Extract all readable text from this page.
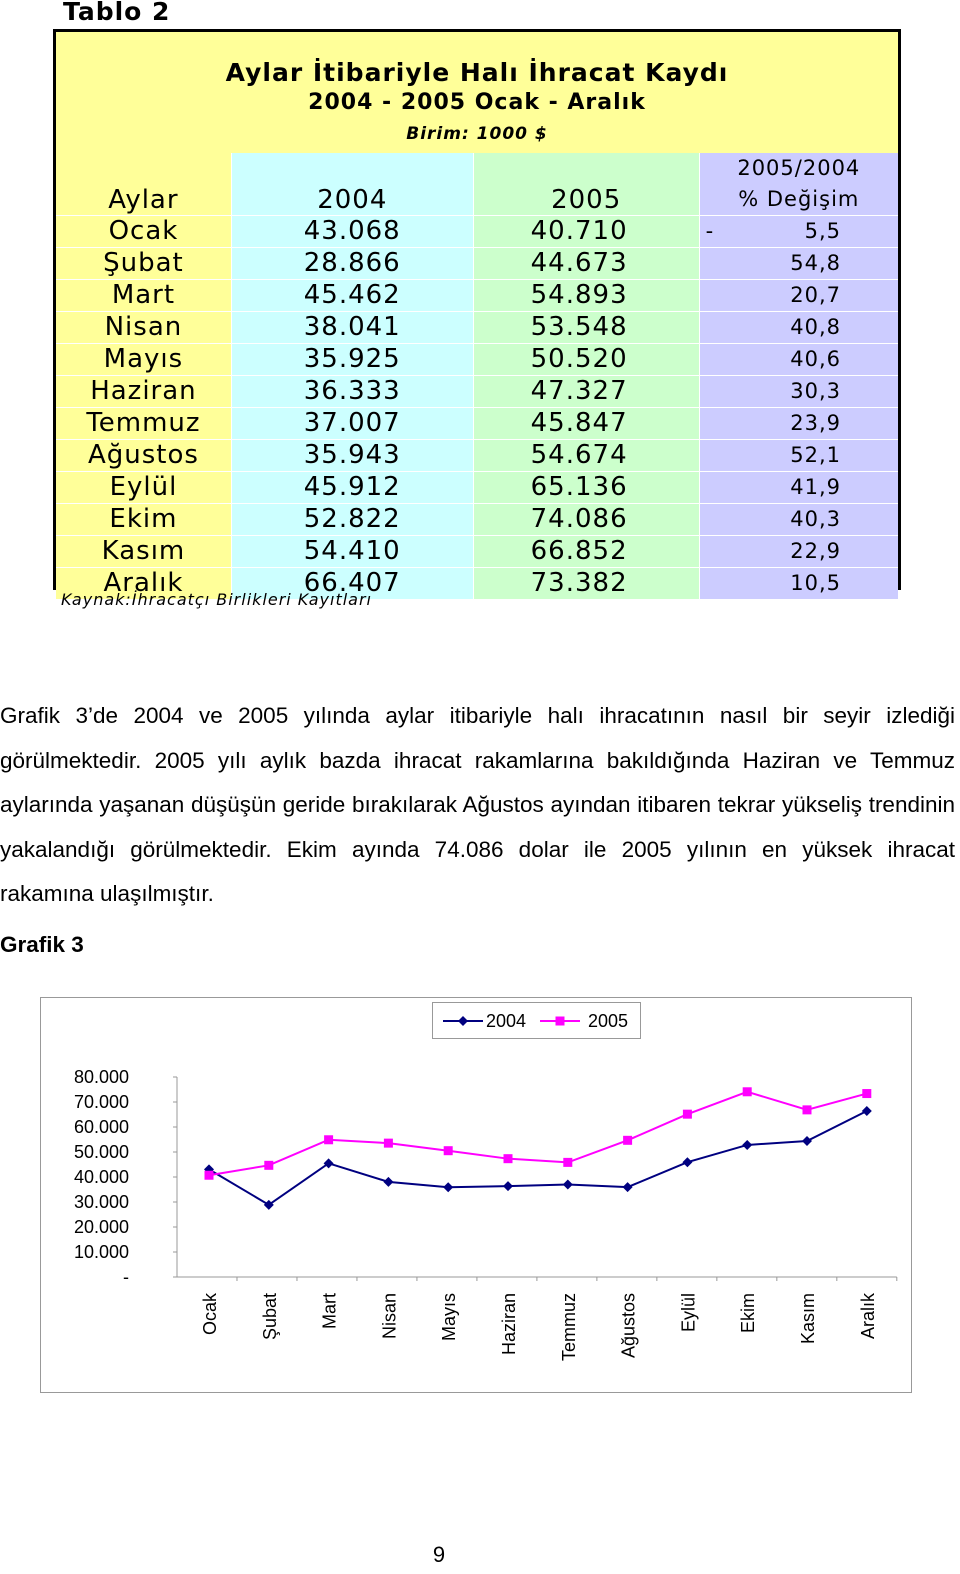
Tablo 2
Aylar İtibariyle Halı İhracat Kaydı
2004 - 2005 Ocak - Aralık
Birim: 1000 $
Aylar	2004	2005	2005/2004
% Değişim
Ocak	43.068	40.710	- 5,5
Şubat	28.866	44.673	54,8
Mart	45.462	54.893	20,7
Nisan	38.041	53.548	40,8
Mayıs	35.925	50.520	40,6
Haziran	36.333	47.327	30,3
Temmuz	37.007	45.847	23,9
Ağustos	35.943	54.674	52,1
Eylül	45.912	65.136	41,9
Ekim	52.822	74.086	40,3
Kasım	54.410	66.852	22,9
Aralık	66.407	73.382	10,5
Kaynak:İhracatçı Birlikleri Kayıtları
Grafik 3’de 2004 ve 2005 yılında aylar itibariyle halı ihracatının nasıl bir seyir izlediği görülmektedir. 2005 yılı aylık bazda ihracat rakamlarına bakıldığında Haziran ve Temmuz aylarında yaşanan düşüşün geride bırakılarak Ağustos ayından itibaren tekrar yükseliş trendinin yakalandığı görülmektedir. Ekim ayında 74.086 dolar ile 2005 yılının en yüksek ihracat rakamına ulaşılmıştır.
Grafik 3
-
10.000
20.000
30.000
40.000
50.000
60.000
70.000
80.000
Ocak Şubat Mart Nisan Mayıs Haziran Temmuz Ağustos Eylül Ekim Kasım Aralık
2004	2005
9
